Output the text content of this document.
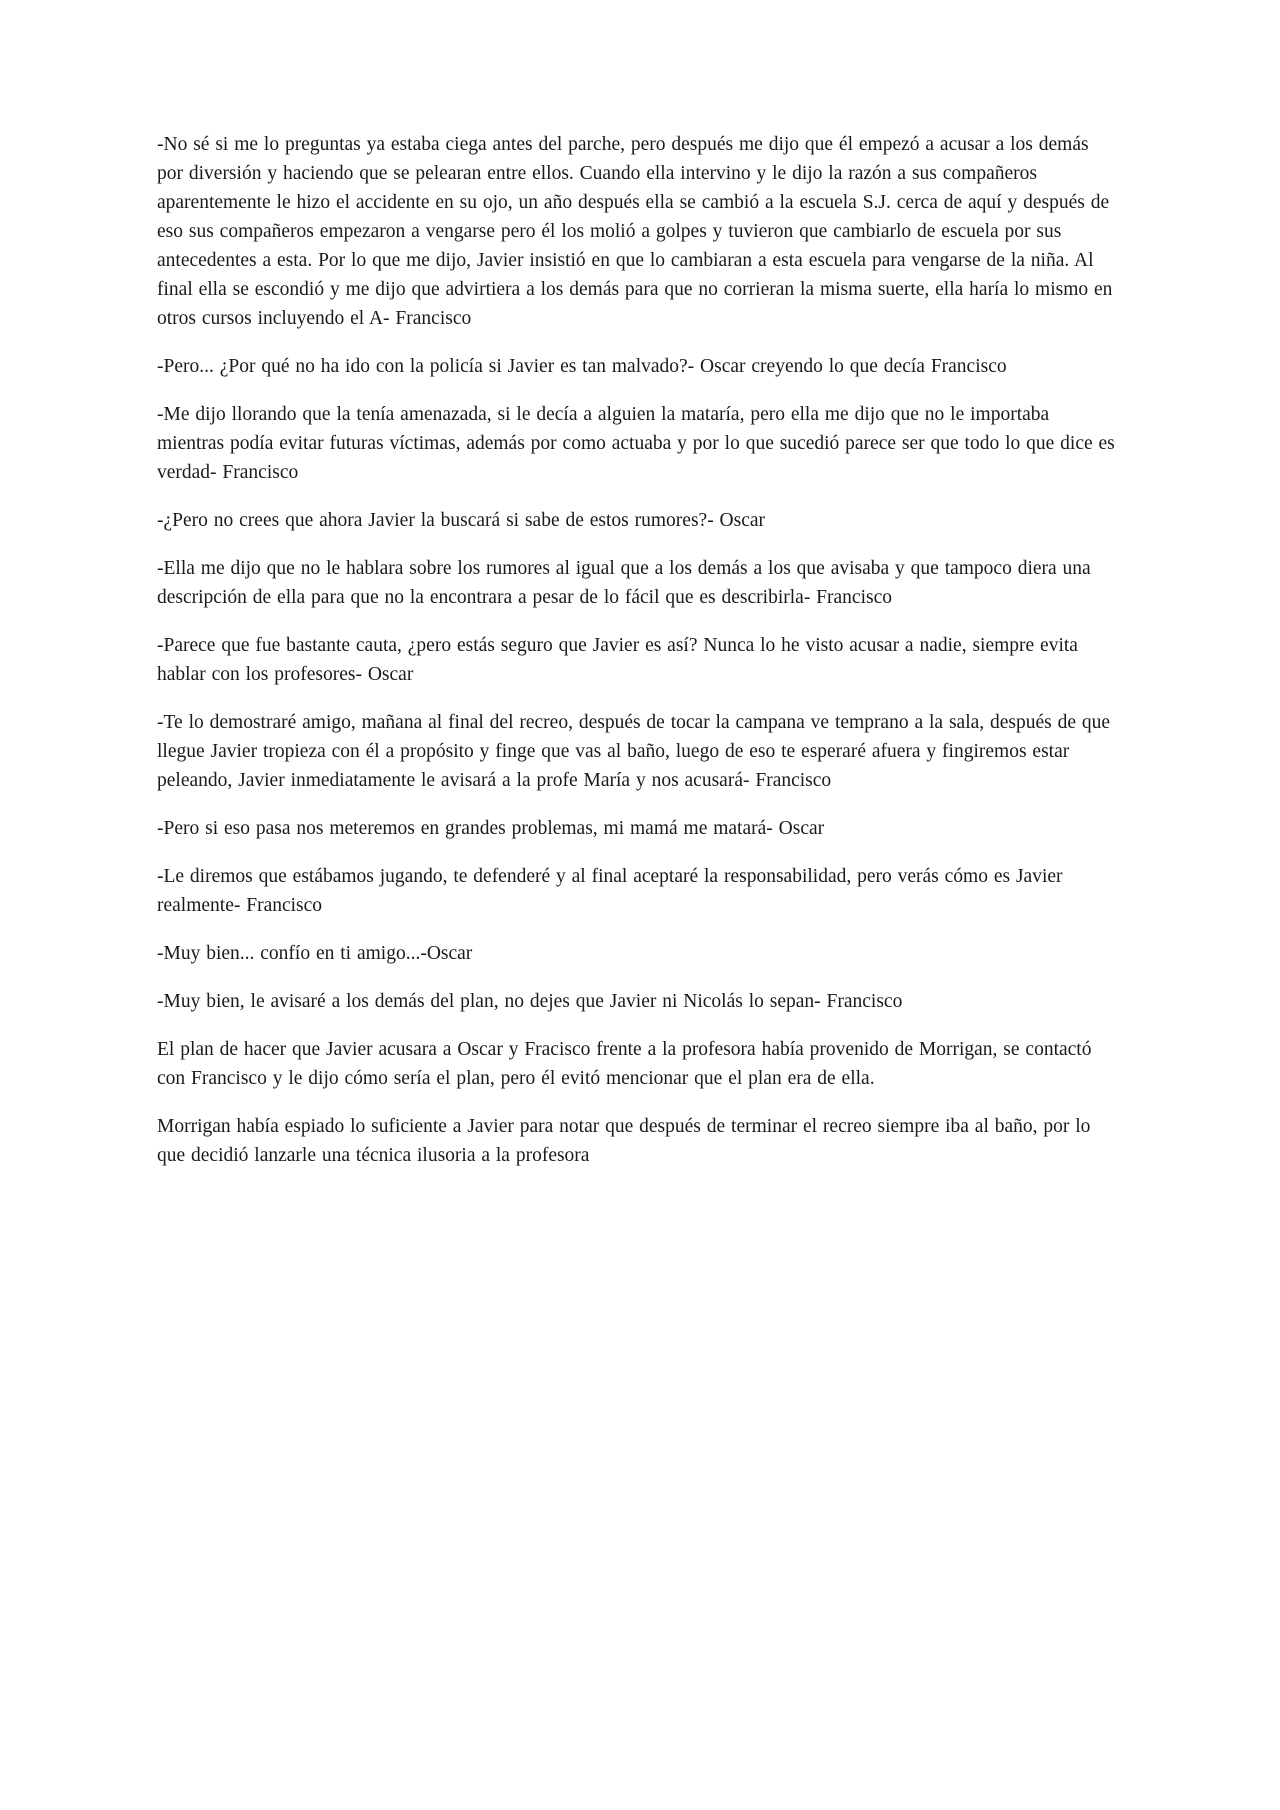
-No sé si me lo preguntas ya estaba ciega antes del parche, pero después me dijo que él empezó a acusar a los demás por diversión y haciendo que se pelearan entre ellos. Cuando ella intervino y le dijo la razón a sus compañeros aparentemente le hizo el accidente en su ojo, un año después ella se cambió a la escuela S.J. cerca de aquí y después de eso sus compañeros empezaron a vengarse pero él los molió a golpes y tuvieron que cambiarlo de escuela por sus antecedentes a esta. Por lo que me dijo, Javier insistió en que lo cambiaran a esta escuela para vengarse de la niña. Al final ella se escondió y me dijo que advirtiera a los demás para que no corrieran la misma suerte, ella haría lo mismo en otros cursos incluyendo el A- Francisco

-Pero... ¿Por qué no ha ido con la policía si Javier es tan malvado?- Oscar creyendo lo que decía Francisco

-Me dijo llorando que la tenía amenazada, si le decía a alguien la mataría, pero ella me dijo que no le importaba mientras podía evitar futuras víctimas, además por como actuaba y por lo que sucedió parece ser que todo lo que dice es verdad- Francisco

-¿Pero no crees que ahora Javier la buscará si sabe de estos rumores?- Oscar

-Ella me dijo que no le hablara sobre los rumores al igual que a los demás a los que avisaba y que tampoco diera una descripción de ella para que no la encontrara a pesar de lo fácil que es describirla- Francisco

-Parece que fue bastante cauta, ¿pero estás seguro que Javier es así? Nunca lo he visto acusar a nadie, siempre evita hablar con los profesores- Oscar

-Te lo demostraré amigo, mañana al final del recreo, después de tocar la campana ve temprano a la sala, después de que llegue Javier tropieza con él a propósito y finge que vas al baño, luego de eso te esperaré afuera y fingiremos estar peleando, Javier inmediatamente le avisará a la profe María y nos acusará- Francisco

-Pero si eso pasa nos meteremos en grandes problemas, mi mamá me matará- Oscar

-Le diremos que estábamos jugando, te defenderé y al final aceptaré la responsabilidad, pero verás cómo es Javier realmente- Francisco

-Muy bien... confío en ti amigo...-Oscar

-Muy bien, le avisaré a los demás del plan, no dejes que Javier ni Nicolás lo sepan- Francisco

El plan de hacer que Javier acusara a Oscar y Fracisco frente a la profesora había provenido de Morrigan, se contactó con Francisco y le dijo cómo sería el plan, pero él evitó mencionar que el plan era de ella.

Morrigan había espiado lo suficiente a Javier para notar que después de terminar el recreo siempre iba al baño, por lo que decidió lanzarle una técnica ilusoria a la profesora
